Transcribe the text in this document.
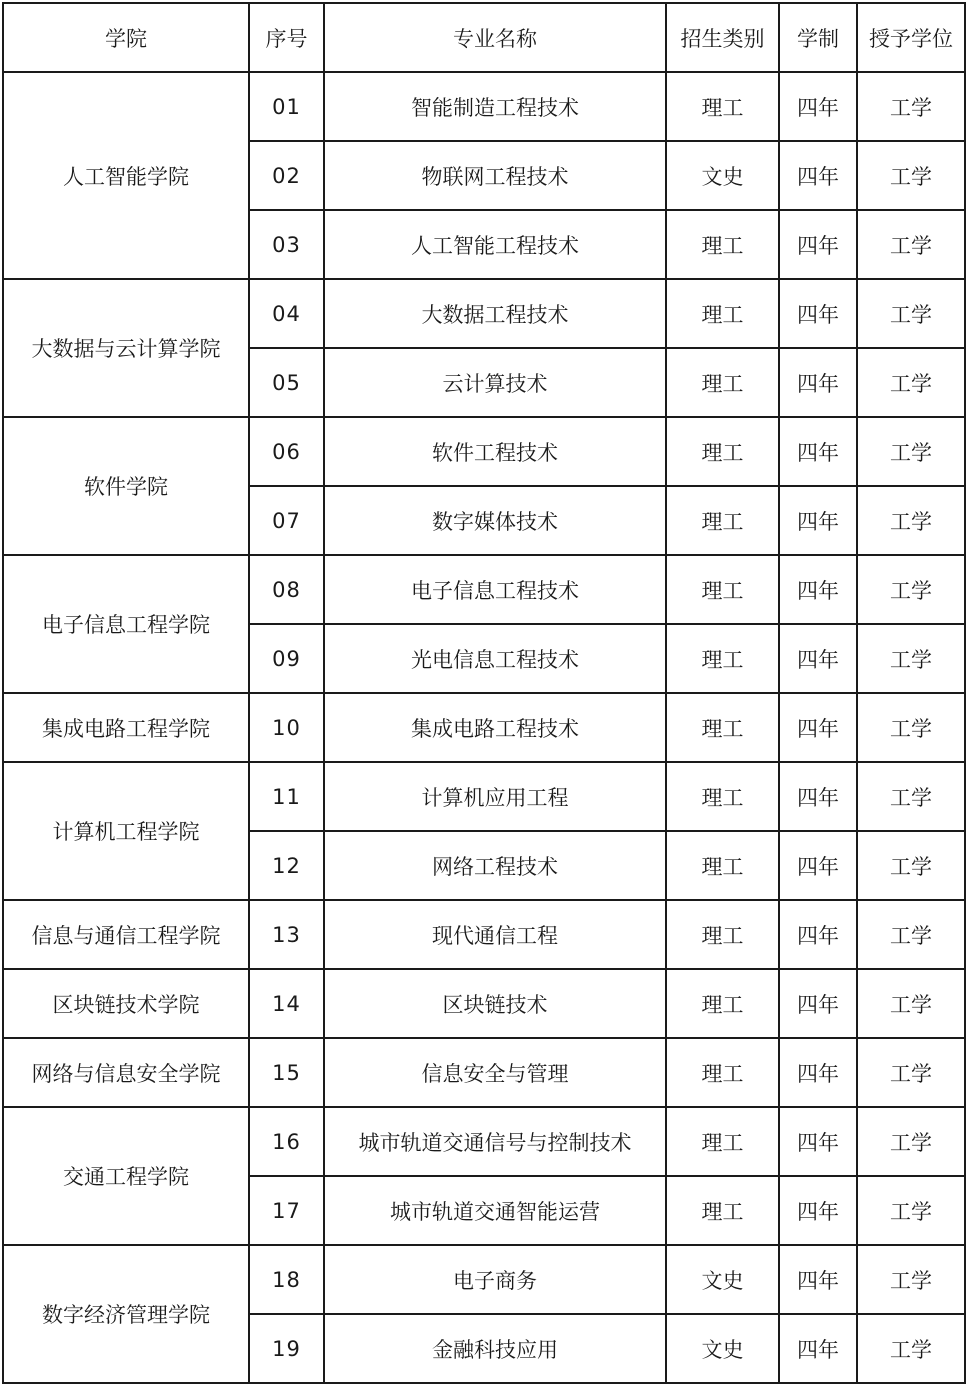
学院	序号	专业名称	招生类别	学制	授予学位
人工智能学院	01	智能制造工程技术	理工	四年	工学
	02	物联网工程技术	文史	四年	工学
	03	人工智能工程技术	理工	四年	工学
大数据与云计算学院	04	大数据工程技术	理工	四年	工学
	05	云计算技术	理工	四年	工学
软件学院	06	软件工程技术	理工	四年	工学
	07	数字媒体技术	理工	四年	工学
电子信息工程学院	08	电子信息工程技术	理工	四年	工学
	09	光电信息工程技术	理工	四年	工学
集成电路工程学院	10	集成电路工程技术	理工	四年	工学
计算机工程学院	11	计算机应用工程	理工	四年	工学
	12	网络工程技术	理工	四年	工学
信息与通信工程学院	13	现代通信工程	理工	四年	工学
区块链技术学院	14	区块链技术	理工	四年	工学
网络与信息安全学院	15	信息安全与管理	理工	四年	工学
交通工程学院	16	城市轨道交通信号与控制技术	理工	四年	工学
	17	城市轨道交通智能运营	理工	四年	工学
数字经济管理学院	18	电子商务	文史	四年	工学
	19	金融科技应用	文史	四年	工学
